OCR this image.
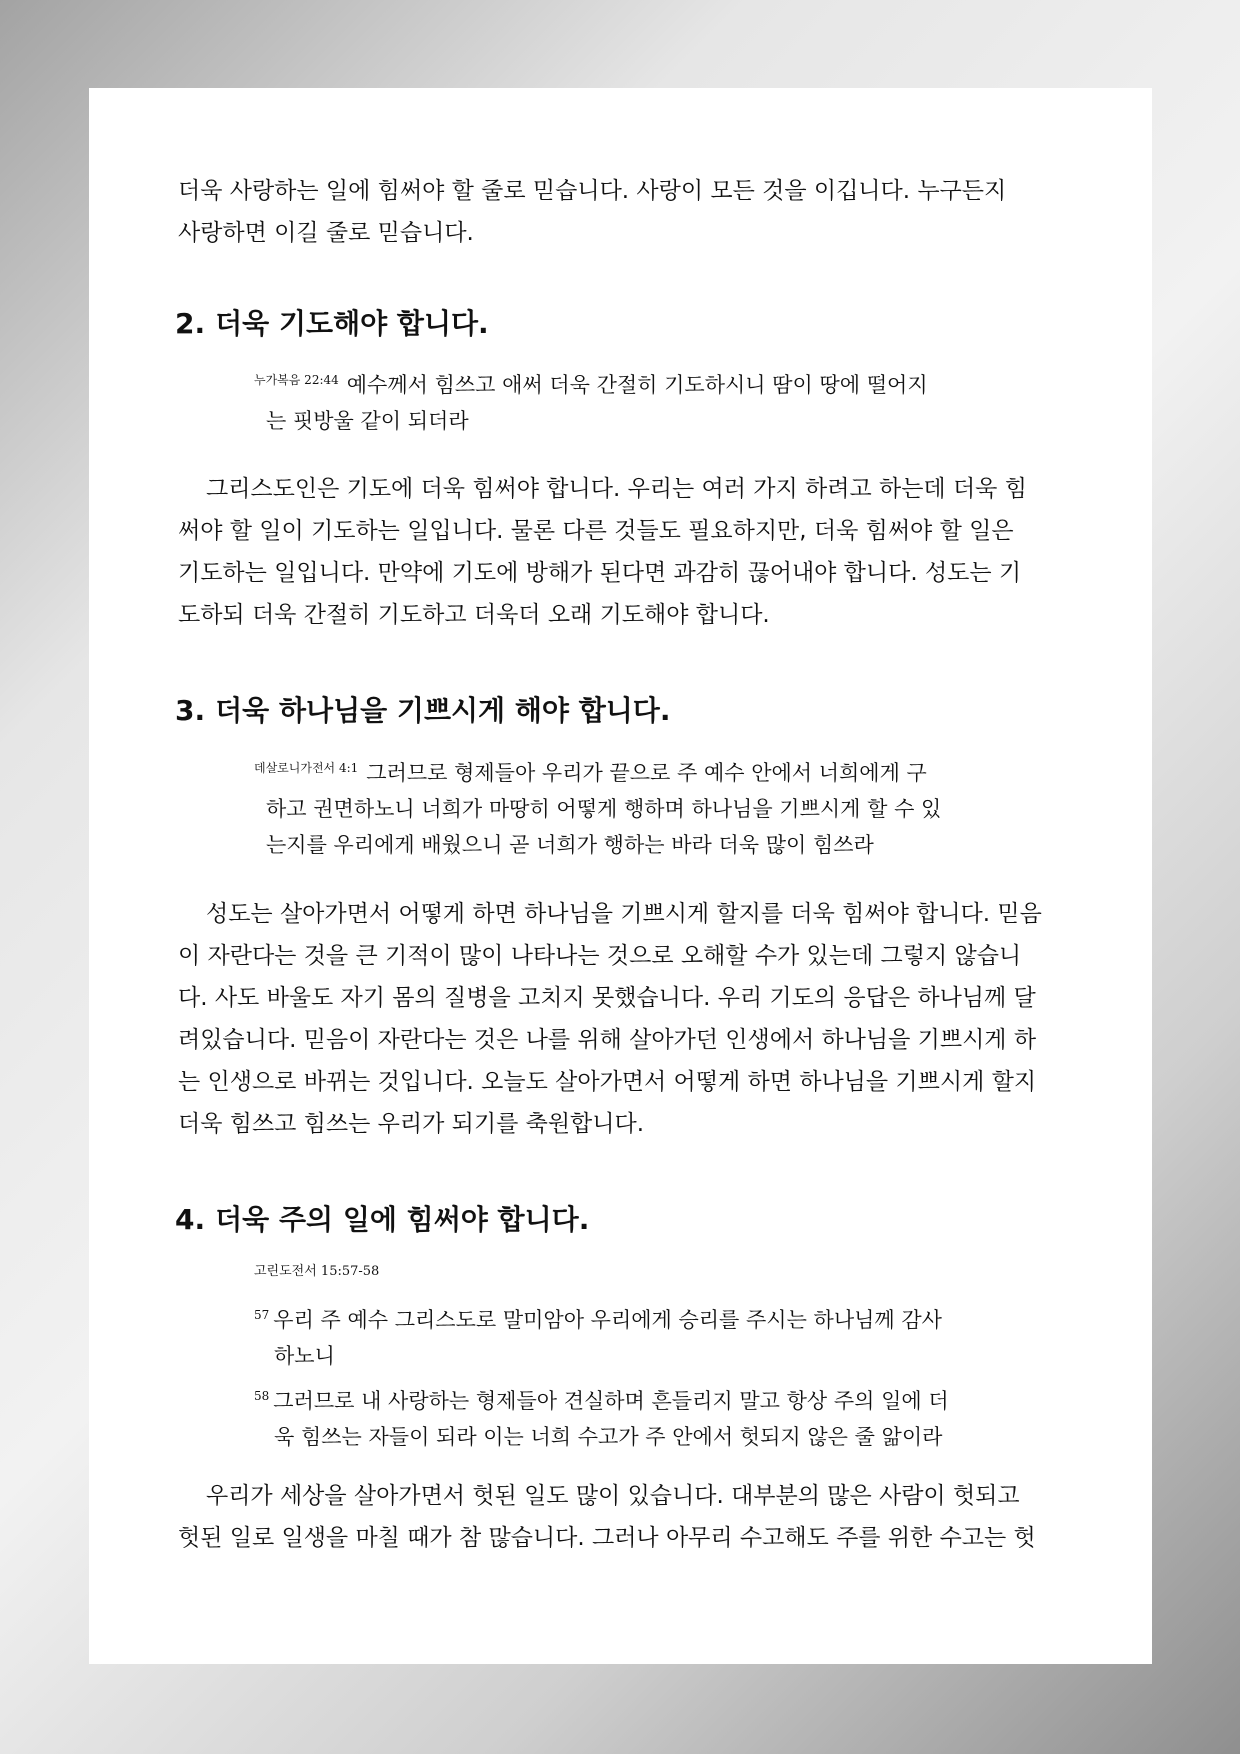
더욱 사랑하는 일에 힘써야 할 줄로 믿습니다. 사랑이 모든 것을 이깁니다. 누구든지
사랑하면 이길 줄로 믿습니다.

2. 더욱 기도해야 합니다.

$^{누가복음 22:44}$ 예수께서 힘쓰고 애써 더욱 간절히 기도하시니 땀이 땅에 떨어지
는 핏방울 같이 되더라

그리스도인은 기도에 더욱 힘써야 합니다. 우리는 여러 가지 하려고 하는데 더욱 힘
써야 할 일이 기도하는 일입니다. 물론 다른 것들도 필요하지만, 더욱 힘써야 할 일은
기도하는 일입니다. 만약에 기도에 방해가 된다면 과감히 끊어내야 합니다. 성도는 기
도하되 더욱 간절히 기도하고 더욱더 오래 기도해야 합니다.

3. 더욱 하나님을 기쁘시게 해야 합니다.

$^{데살로니가전서 4:1}$ 그러므로 형제들아 우리가 끝으로 주 예수 안에서 너희에게 구
하고 권면하노니 너희가 마땅히 어떻게 행하며 하나님을 기쁘시게 할 수 있
는지를 우리에게 배웠으니 곧 너희가 행하는 바라 더욱 많이 힘쓰라

성도는 살아가면서 어떻게 하면 하나님을 기쁘시게 할지를 더욱 힘써야 합니다. 믿음
이 자란다는 것을 큰 기적이 많이 나타나는 것으로 오해할 수가 있는데 그렇지 않습니
다. 사도 바울도 자기 몸의 질병을 고치지 못했습니다. 우리 기도의 응답은 하나님께 달
려있습니다. 믿음이 자란다는 것은 나를 위해 살아가던 인생에서 하나님을 기쁘시게 하
는 인생으로 바뀌는 것입니다. 오늘도 살아가면서 어떻게 하면 하나님을 기쁘시게 할지
더욱 힘쓰고 힘쓰는 우리가 되기를 축원합니다.

4. 더욱 주의 일에 힘써야 합니다.

고린도전서 15:57-58

$^{57}$ 우리 주 예수 그리스도로 말미암아 우리에게 승리를 주시는 하나님께 감사
하노니

$^{58}$ 그러므로 내 사랑하는 형제들아 견실하며 흔들리지 말고 항상 주의 일에 더
욱 힘쓰는 자들이 되라 이는 너희 수고가 주 안에서 헛되지 않은 줄 앎이라

우리가 세상을 살아가면서 헛된 일도 많이 있습니다. 대부분의 많은 사람이 헛되고
헛된 일로 일생을 마칠 때가 참 많습니다. 그러나 아무리 수고해도 주를 위한 수고는 헛
